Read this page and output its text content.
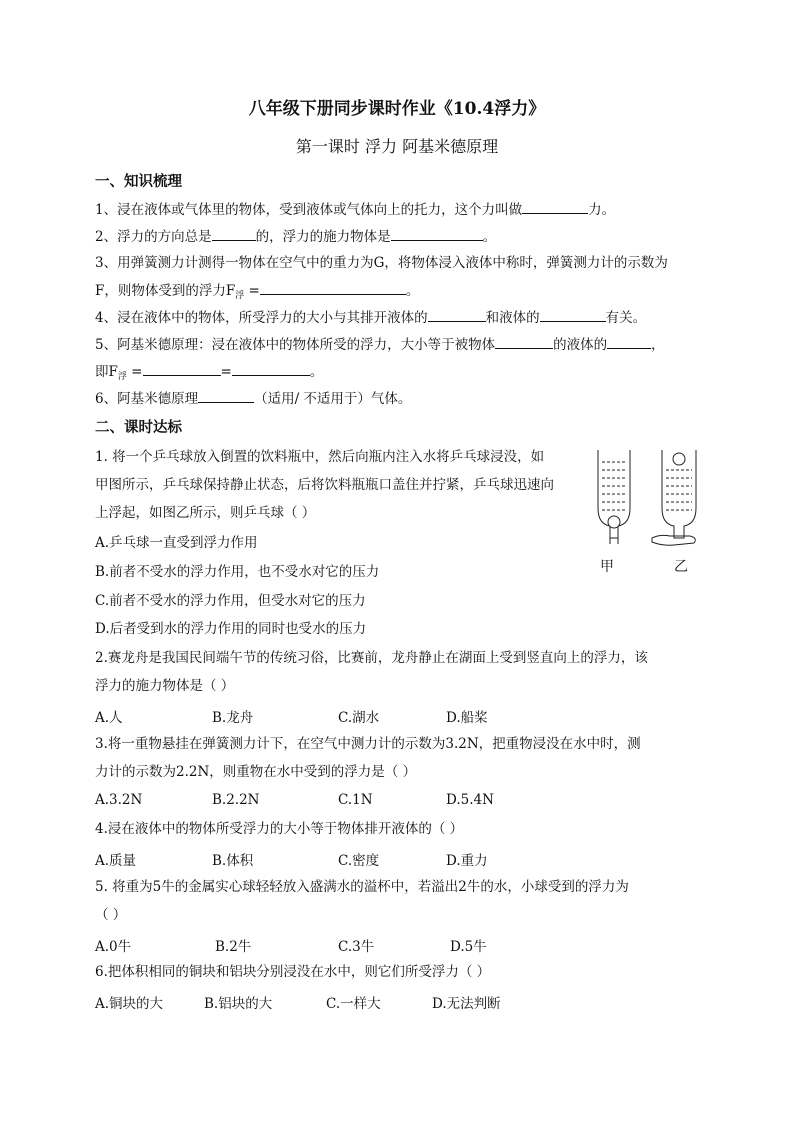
八年级下册同步课时作业《10.4浮力》
第一课时 浮力 阿基米德原理
一、知识梳理
1、浸在液体或气体里的物体，受到液体或气体向上的托力，这个力叫做	力。
2、浮力的方向总是	的，浮力的施力物体是	。
3、用弹簧测力计测得一物体在空气中的重力为G，将物体浸入液体中称时，弹簧测力计的示数为
F，则物体受到的浮力$F_浮$ =	。
4、浸在液体中的物体，所受浮力的大小与其排开液体的	和液体的	有关。
5、阿基米德原理：浸在液体中的物体所受的浮力，大小等于被物体	的液体的	，
即$F_浮$ =	=	。
6、阿基米德原理	（适用/ 不适用于）气体。
二、课时达标
1. 将一个乒乓球放入倒置的饮料瓶中，然后向瓶内注入水将乒乓球浸没，如
甲图所示，乒乓球保持静止状态，后将饮料瓶瓶口盖住并拧紧，乒乓球迅速向
上浮起，如图乙所示，则乒乓球（ ）
A.乒乓球一直受到浮力作用
B.前者不受水的浮力作用，也不受水对它的压力
C.前者不受水的浮力作用，但受水对它的压力
D.后者受到水的浮力作用的同时也受水的压力
甲	乙
2.赛龙舟是我国民间端午节的传统习俗，比赛前，龙舟静止在湖面上受到竖直向上的浮力，该
浮力的施力物体是（ ）
A.人	B.龙舟	C.湖水	D.船桨
3.将一重物悬挂在弹簧测力计下，在空气中测力计的示数为3.2N，把重物浸没在水中时，测
力计的示数为2.2N，则重物在水中受到的浮力是（ ）
A.3.2N	B.2.2N	C.1N	D.5.4N
4.浸在液体中的物体所受浮力的大小等于物体排开液体的（ ）
A.质量	B.体积	C.密度	D.重力
5. 将重为5牛的金属实心球轻轻放入盛满水的溢杯中，若溢出2牛的水，小球受到的浮力为
（ ）
A.0牛	B.2牛	C.3牛	D.5牛
6.把体积相同的铜块和铝块分别浸没在水中，则它们所受浮力（ ）
A.铜块的大	B.铝块的大	C.一样大	D.无法判断
